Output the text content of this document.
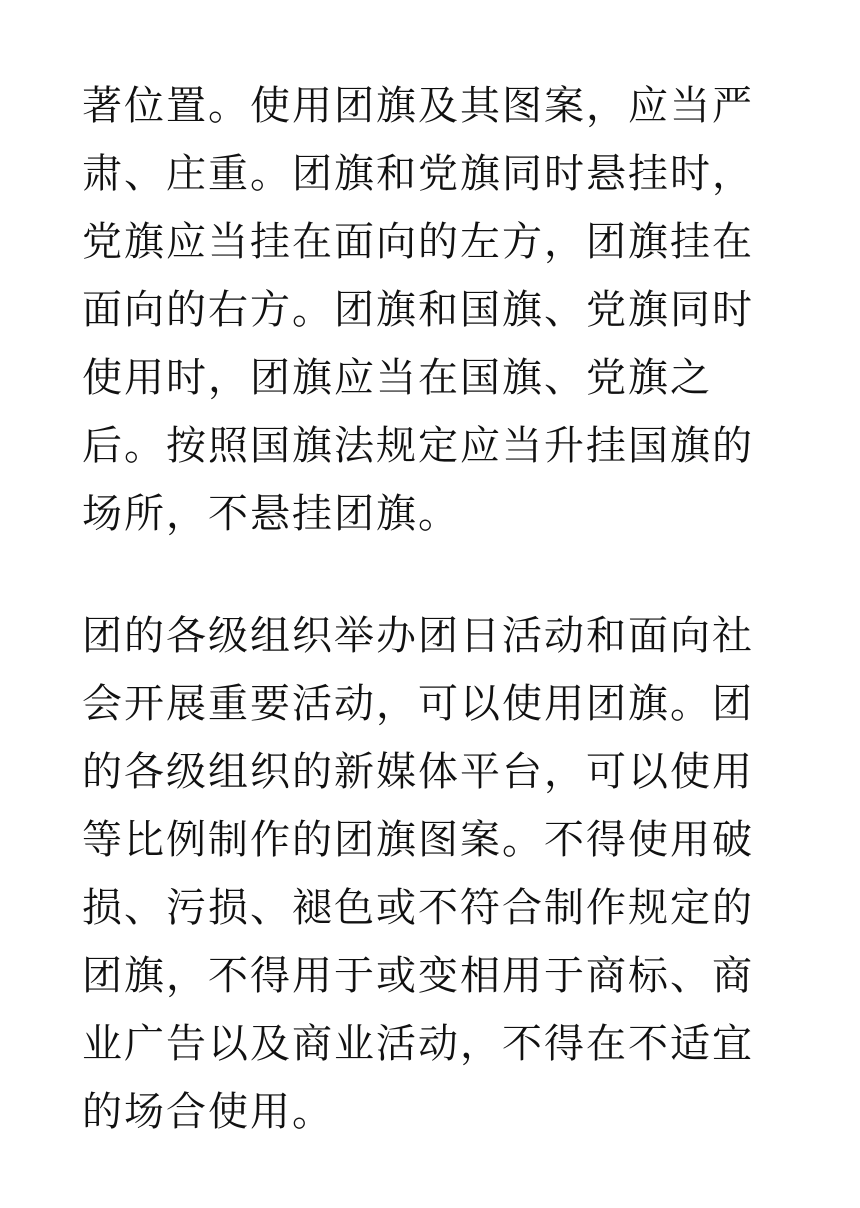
著位置。使用团旗及其图案，应当严
肃、庄重。团旗和党旗同时悬挂时，
党旗应当挂在面向的左方，团旗挂在
面向的右方。团旗和国旗、党旗同时
使用时，团旗应当在国旗、党旗之
后。按照国旗法规定应当升挂国旗的
场所，不悬挂团旗。

团的各级组织举办团日活动和面向社
会开展重要活动，可以使用团旗。团
的各级组织的新媒体平台，可以使用
等比例制作的团旗图案。不得使用破
损、污损、褪色或不符合制作规定的
团旗，不得用于或变相用于商标、商
业广告以及商业活动，不得在不适宜
的场合使用。
